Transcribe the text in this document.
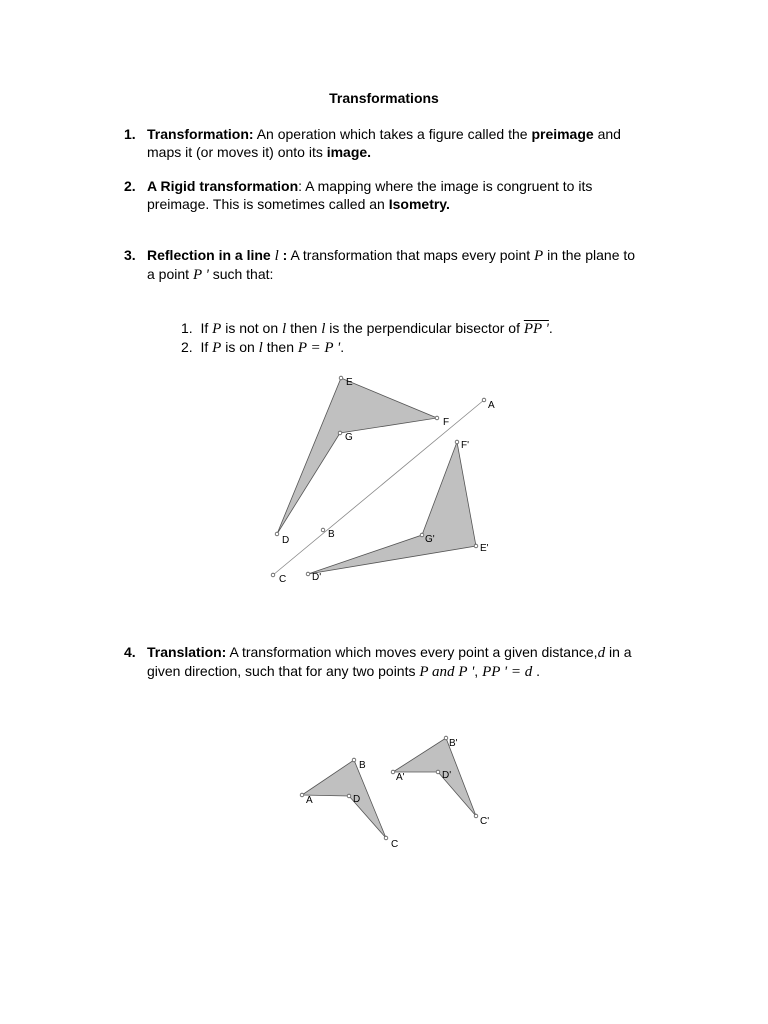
Transformations
1. Transformation: An operation which takes a figure called the preimage and maps it (or moves it) onto its image.
2. A Rigid transformation: A mapping where the image is congruent to its preimage. This is sometimes called an Isometry.
3. Reflection in a line l : A transformation that maps every point P in the plane to a point P ' such that:
1. If P is not on l then l is the perpendicular bisector of PP '.
2. If P is on l then P = P '.
4. Translation: A transformation which moves every point a given distance,d in a given direction, such that for any two points P and P ', PP ' = d .
E
F
G
D
A
B
C	D'
G'
E'
F'
A
B
C
D
A'
B'
C'
D'
